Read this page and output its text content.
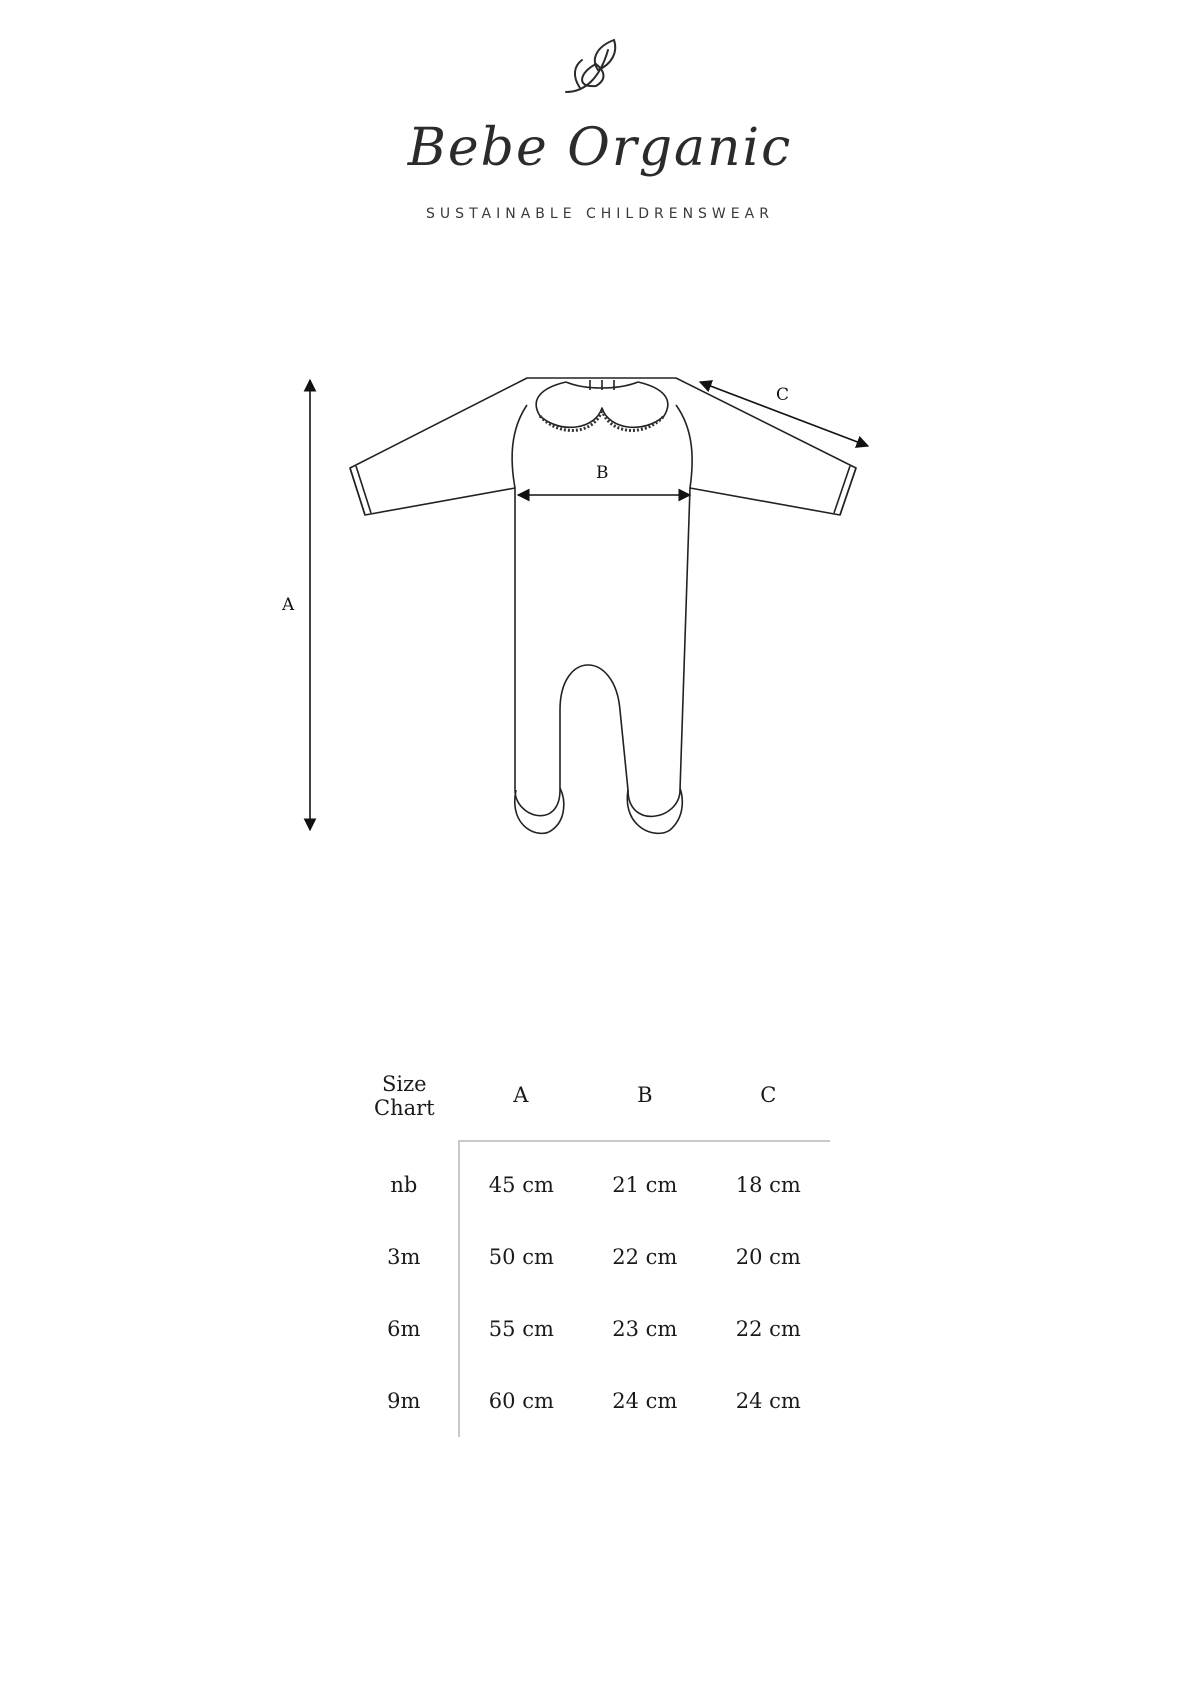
Bebe Organic
SUSTAINABLE CHILDRENSWEAR
A
B
C
Size
Chart	A	B	C
nb	45 cm	21 cm	18 cm
3m	50 cm	22 cm	20 cm
6m	55 cm	23 cm	22 cm
9m	60 cm	24 cm	24 cm
